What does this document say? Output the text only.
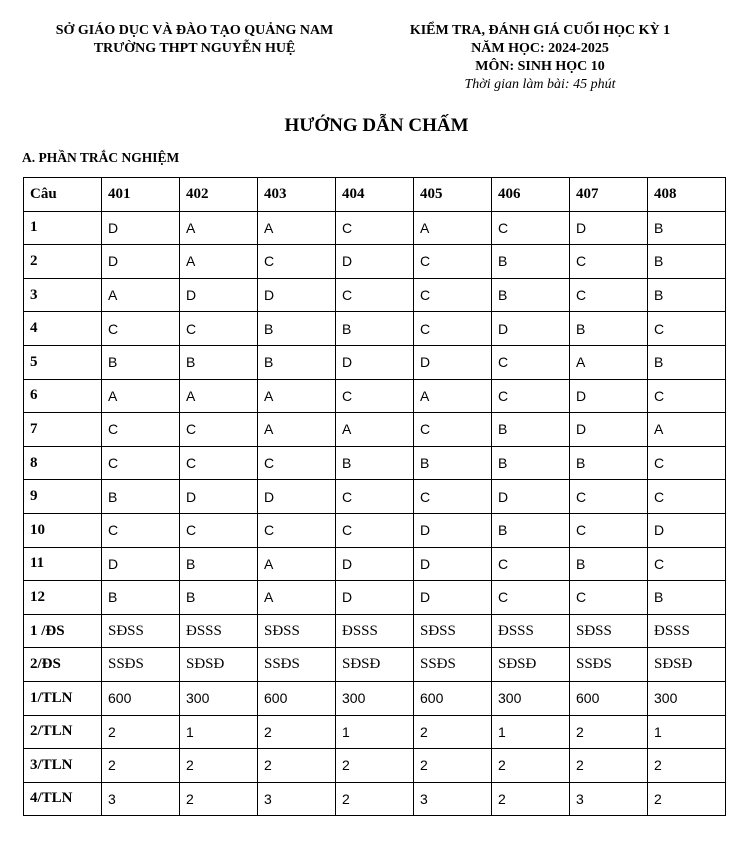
SỞ GIÁO DỤC VÀ ĐÀO TẠO QUẢNG NAM
TRƯỜNG THPT NGUYỄN HUỆ
KIỂM TRA, ĐÁNH GIÁ CUỐI HỌC KỲ 1
NĂM HỌC: 2024-2025
MÔN: SINH HỌC 10
Thời gian làm bài: 45 phút
HƯỚNG DẪN CHẤM
A. PHẦN TRẮC NGHIỆM
Câu	401	402	403	404	405	406	407	408
1	D	A	A	C	A	C	D	B
2	D	A	C	D	C	B	C	B
3	A	D	D	C	C	B	C	B
4	C	C	B	B	C	D	B	C
5	B	B	B	D	D	C	A	B
6	A	A	A	C	A	C	D	C
7	C	C	A	A	C	B	D	A
8	C	C	C	B	B	B	B	C
9	B	D	D	C	C	D	C	C
10	C	C	C	C	D	B	C	D
11	D	B	A	D	D	C	B	C
12	B	B	A	D	D	C	C	B
1 /ĐS	SĐSS	ĐSSS	SĐSS	ĐSSS	SĐSS	ĐSSS	SĐSS	ĐSSS
2/ĐS	SSĐS	SĐSĐ	SSĐS	SĐSĐ	SSĐS	SĐSĐ	SSĐS	SĐSĐ
1/TLN	600	300	600	300	600	300	600	300
2/TLN	2	1	2	1	2	1	2	1
3/TLN	2	2	2	2	2	2	2	2
4/TLN	3	2	3	2	3	2	3	2
